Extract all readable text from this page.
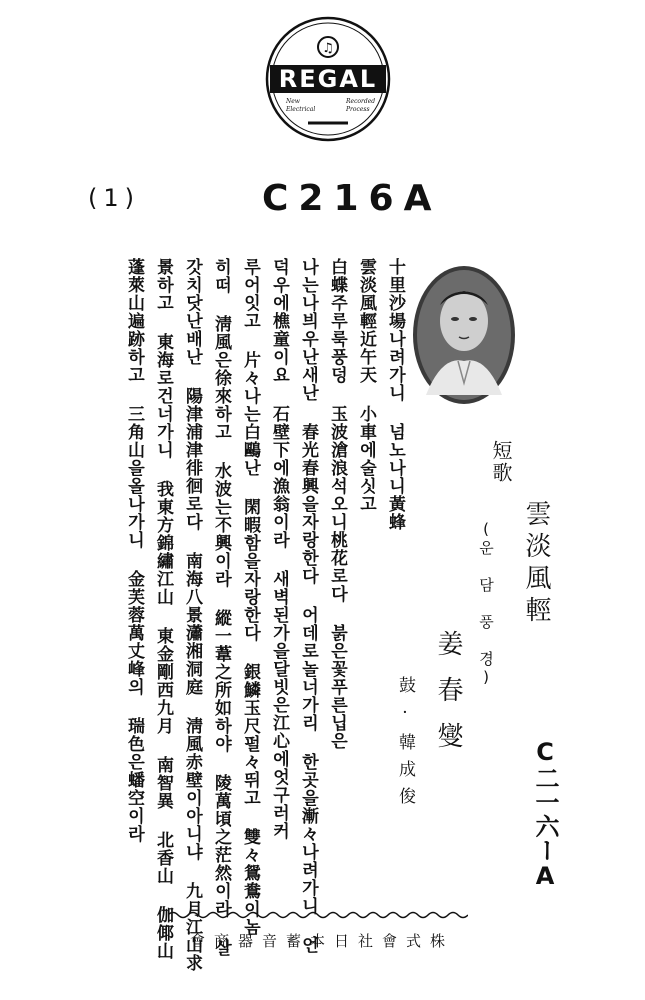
♫
REGAL
New
Electrical
Recorded
Process
(1)	C216A
短歌
(운 담 풍 경) 雲淡風輕
姜春燮
鼓·韓成俊	C二一六ーA
十里沙場나려가니 넘노나니黃蜂
雲淡風輕近午天 小車에술싯고
白蝶주루룩풍덩 玉波滄浪석오니桃花로다 붉은꽃푸른닙은
나는나븨우난새난 春光春興을자랑한다 어데로놀너가리 한곳을漸々나려가니 언
덕우에樵童이요 石壁下에漁翁이라 새벽된가을달빗은江心에엇구러커
루어잇고 片々나는白鷗난 閑暇함을자랑한다 銀鱗玉尺펄々뛰고 雙々鴛鴦이놈
히떠 淸風은徐來하고 水波는不興이라 縱一葦之所如하야 陵萬頃之茫然이라 살
갓치닷난배난 陽津浦津徘徊로다 南海八景瀟湘洞庭 淸風赤壁이아니냐 九月江山求
景하고 東海로건너가니 我東方錦繡江山 東金剛西九月 南智異 北香山 伽倻山
蓬萊山遍跡하고 三角山을올나가니 金芙蓉萬丈峰의 瑞色은蟠空이라
會商器音蓄本日社會式株
